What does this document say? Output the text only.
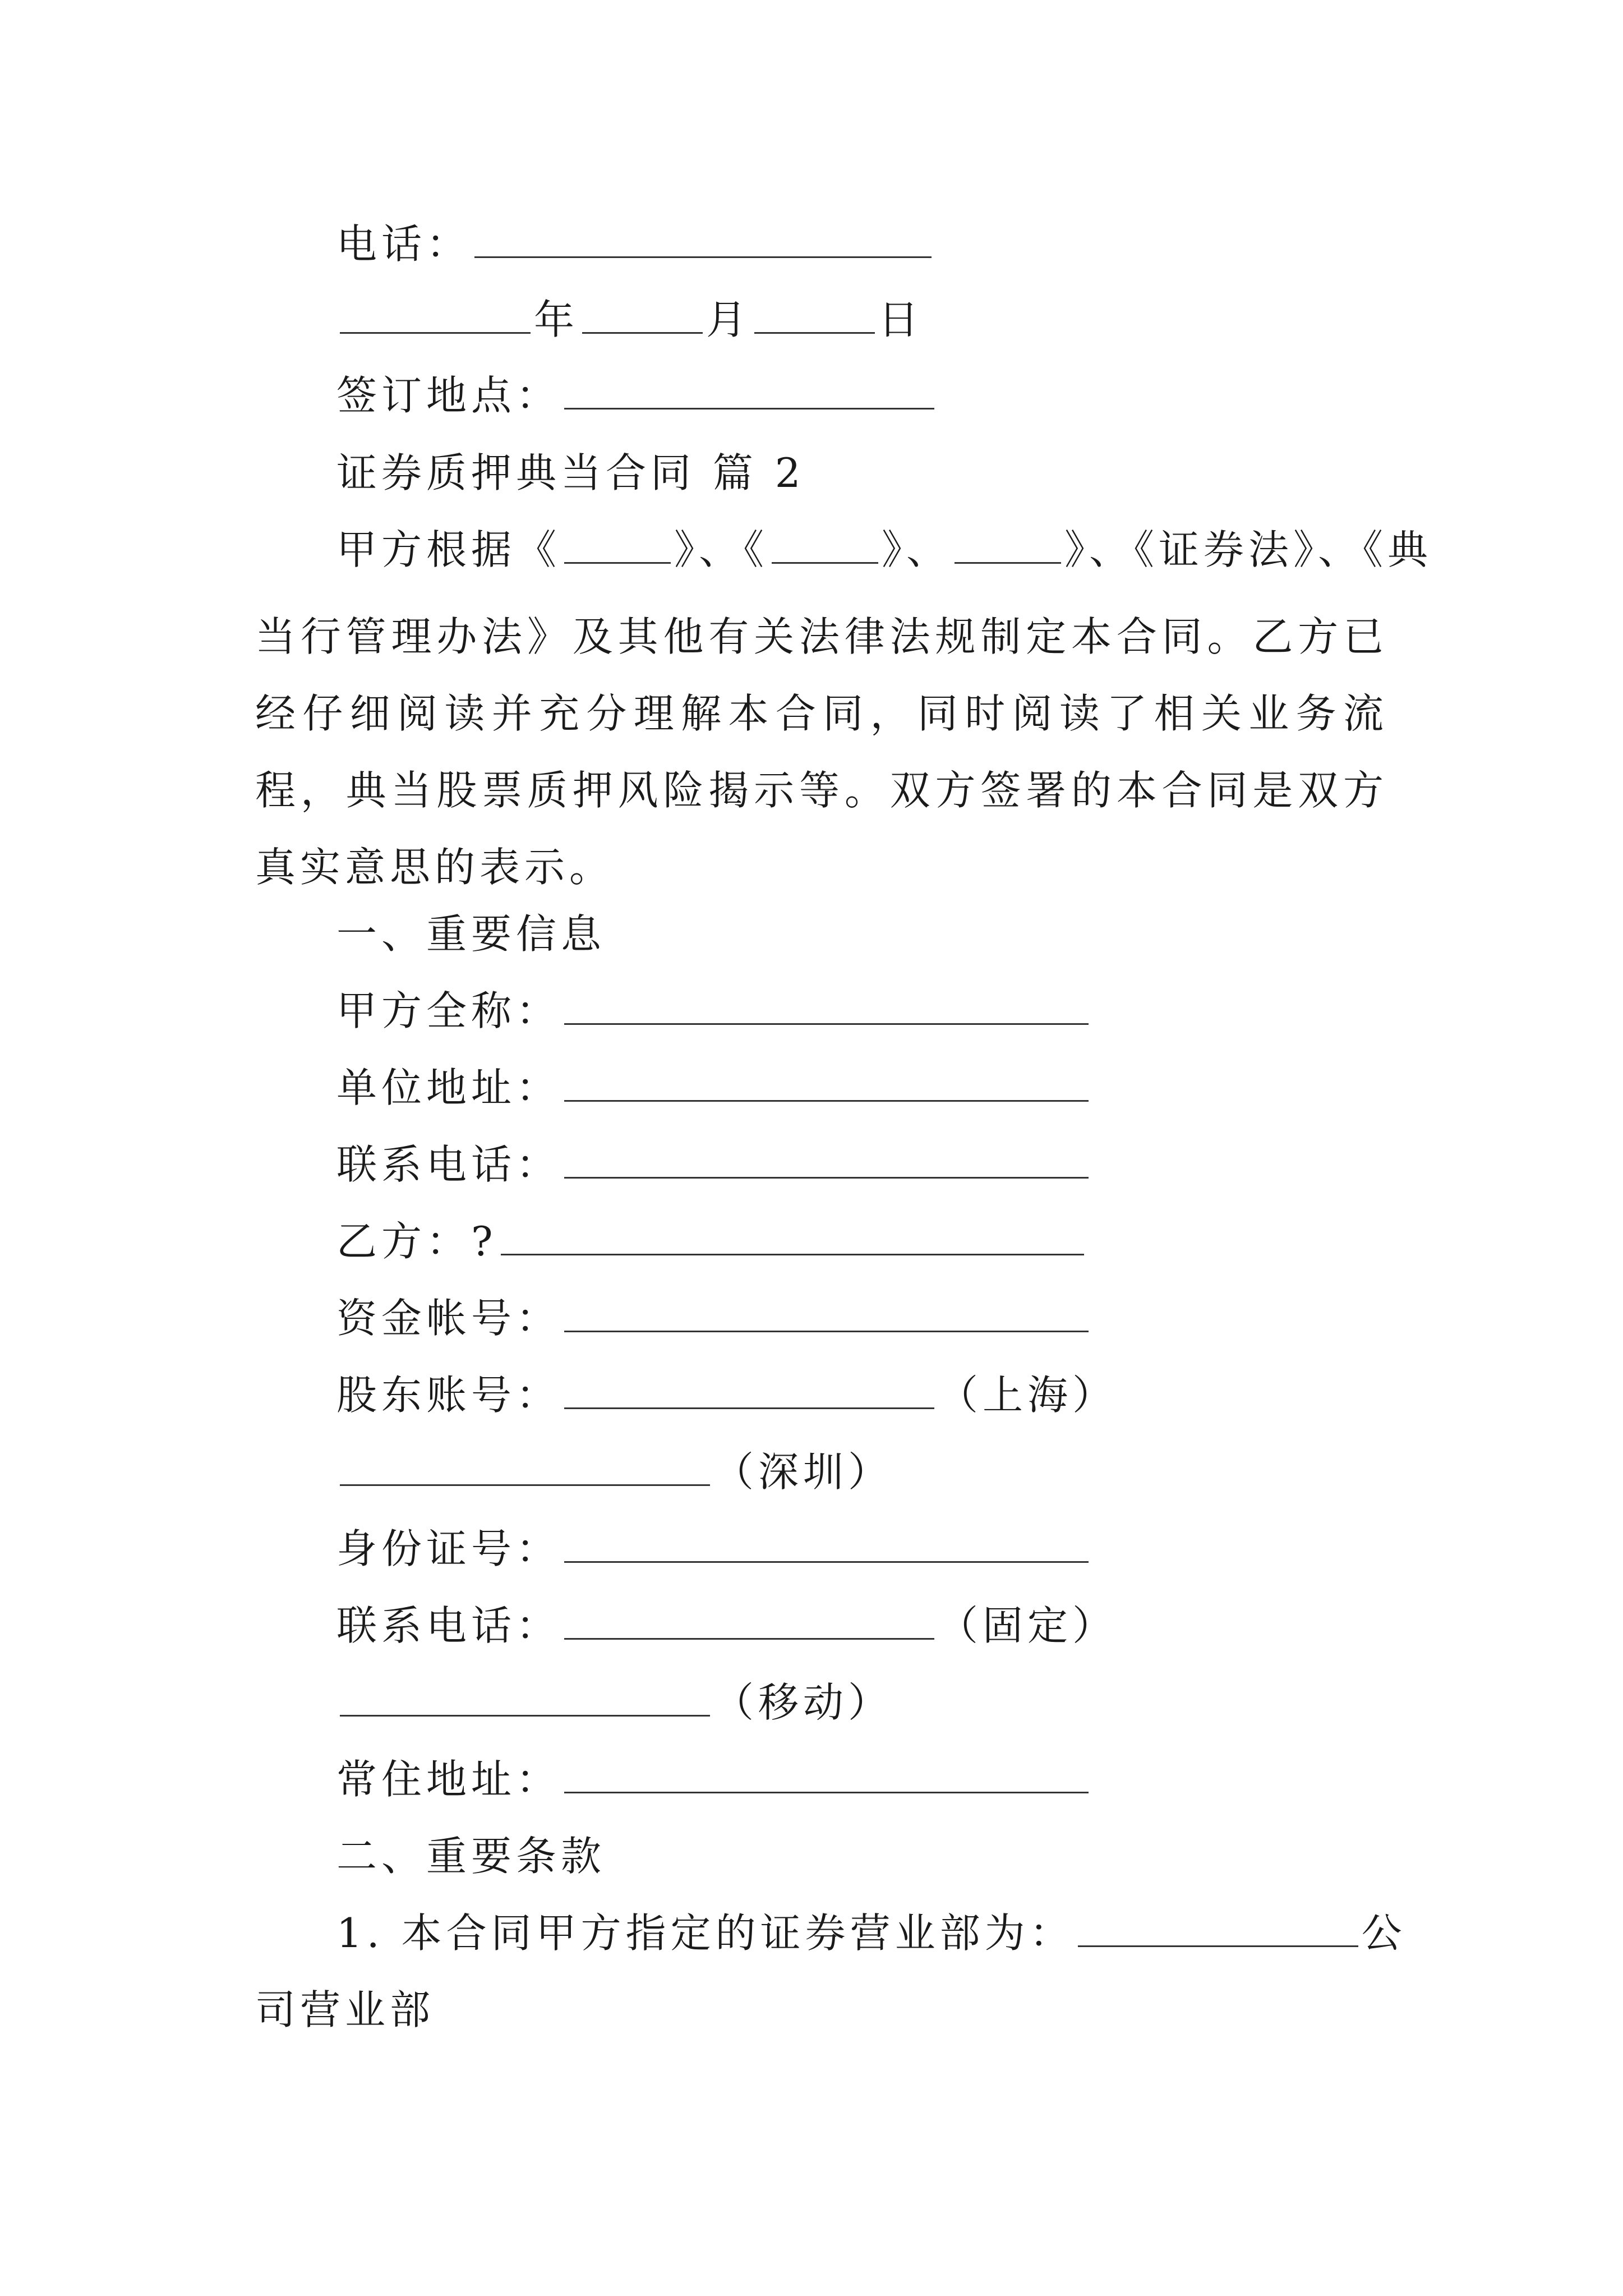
电话：
年	月	日
签订地点：
证券质押典当合同 篇 2
甲方根据《	》、《	》、	》、《证券法》、《典
当行管理办法》及其他有关法律法规制定本合同。乙方已经仔细阅读并充分理解本合同，同时阅读了相关业务流程，典当股票质押风险揭示等。双方签署的本合同是双方真实意思的表示。
一、重要信息
甲方全称：
单位地址：
联系电话：
乙方：?
资金帐号：
股东账号：	（上海）
（深圳）
身份证号：
联系电话：	（固定）
（移动）
常住地址：
二、重要条款
1. 本合同甲方指定的证券营业部为：	公
司营业部
